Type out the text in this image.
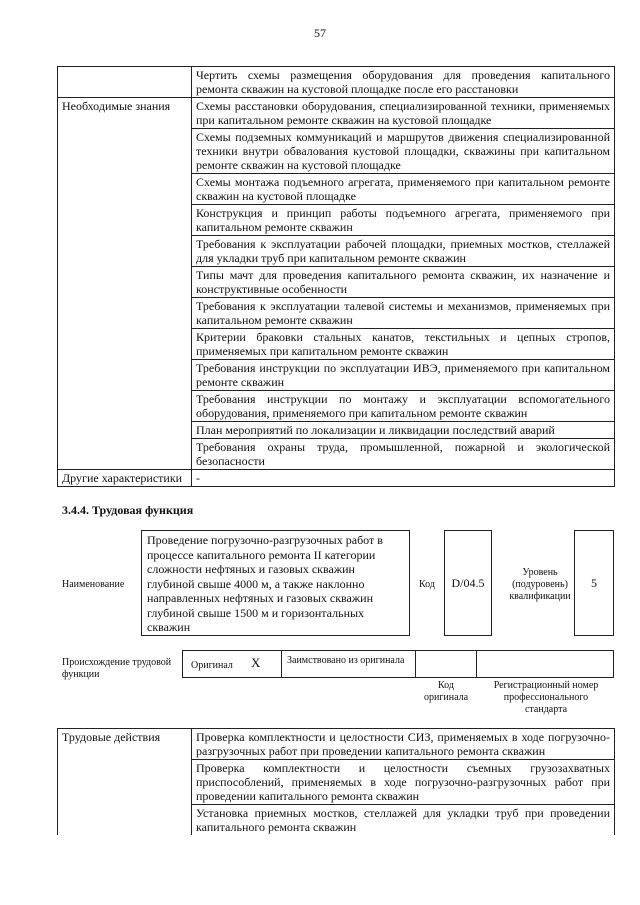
57
	Чертить схемы размещения оборудования для проведения капитального ремонта скважин на кустовой площадке после его расстановки
Необходимые знания	Схемы расстановки оборудования, специализированной техники, применяемых при капитальном ремонте скважин на кустовой площадке
	Схемы подземных коммуникаций и маршрутов движения специализированной техники внутри обвалования кустовой площадки, скважины при капитальном ремонте скважин на кустовой площадке
	Схемы монтажа подъемного агрегата, применяемого при капитальном ремонте скважин на кустовой площадке
	Конструкция и принцип работы подъемного агрегата, применяемого при капитальном ремонте скважин
	Требования к эксплуатации рабочей площадки, приемных мостков, стеллажей для укладки труб при капитальном ремонте скважин
	Типы мачт для проведения капитального ремонта скважин, их назначение и конструктивные особенности
	Требования к эксплуатации талевой системы и механизмов, применяемых при капитальном ремонте скважин
	Критерии браковки стальных канатов, текстильных и цепных стропов, применяемых при капитальном ремонте скважин
	Требования инструкции по эксплуатации ИВЭ, применяемого при капитальном ремонте скважин
	Требования инструкции по монтажу и эксплуатации вспомогательного оборудования, применяемого при капитальном ремонте скважин
	План мероприятий по локализации и ликвидации последствий аварий
	Требования охраны труда, промышленной, пожарной и экологической безопасности
Другие характеристики	-
3.4.4. Трудовая функция
Наименование
Проведение погрузочно-разгрузочных работ в процессе капитального ремонта II категории сложности нефтяных и газовых скважин глубиной свыше 4000 м, а также наклонно направленных нефтяных и газовых скважин глубиной свыше 1500 м и горизонтальных скважин
Код D/04.5
Уровень (подуровень) квалификации
5
Происхождение трудовой функции
Оригинал X	Заимствовано из оригинала
Код оригинала
Регистрационный номер профессионального стандарта
Трудовые действия	Проверка комплектности и целостности СИЗ, применяемых в ходе погрузочно-разгрузочных работ при проведении капитального ремонта скважин
Проверка комплектности и целостности съемных грузозахватных приспособлений, применяемых в ходе погрузочно-разгрузочных работ при проведении капитального ремонта скважин
Установка приемных мостков, стеллажей для укладки труб при проведении капитального ремонта скважин
